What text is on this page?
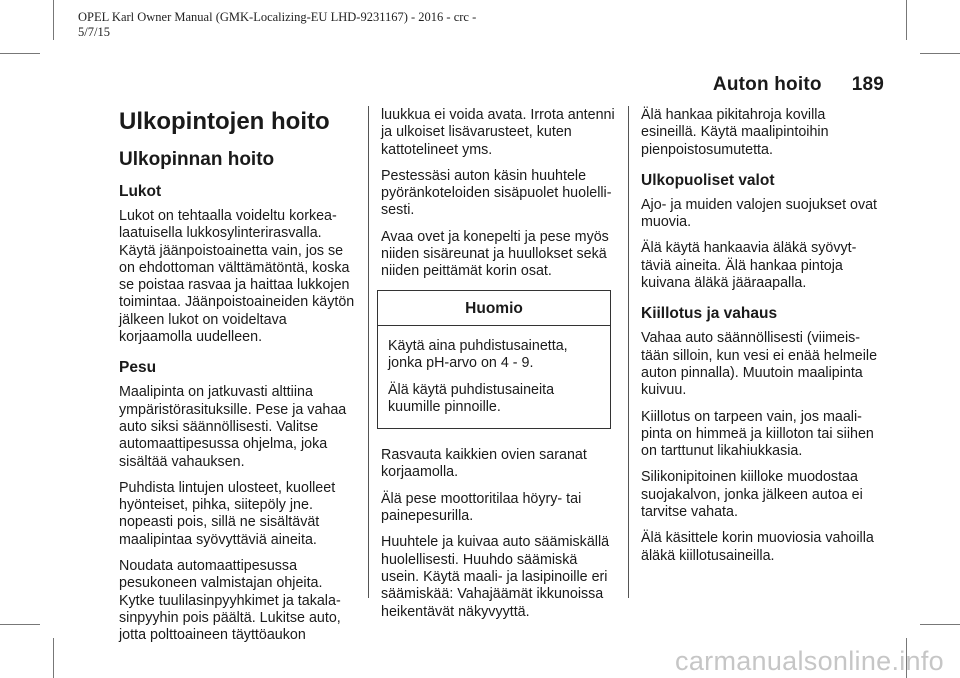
OPEL Karl Owner Manual (GMK-Localizing-EU LHD-9231167) - 2016 - crc -
5/7/15
Auton hoito 189
Ulkopintojen hoito
Ulkopinnan hoito
Lukot

Lukot on tehtaalla voideltu korkea-laatuisella lukkosylinterirasvalla. Käytä jäänpoistoainetta vain, jos se on ehdottoman välttämätöntä, koska se poistaa rasvaa ja haittaa lukkojen toimintaa. Jäänpoistoaineiden käytön jälkeen lukot on voideltava korjaamolla uudelleen.

Pesu

Maalipinta on jatkuvasti alttiina ympäristörasituksille. Pese ja vahaa auto siksi säännöllisesti. Valitse automaattipesussa ohjelma, joka sisältää vahauksen.

Puhdista lintujen ulosteet, kuolleet hyönteiset, pihka, siitepöly jne. nopeasti pois, sillä ne sisältävät maalipintaa syövyttäviä aineita.

Noudata automaattipesussa pesukoneen valmistajan ohjeita. Kytke tuulilasinpyyhkimet ja takala-sinpyyhin pois päältä. Lukitse auto, jotta polttoaineen täyttöaukon

luukkua ei voida avata. Irrota antenni ja ulkoiset lisävarusteet, kuten kattotelineet yms.

Pestessäsi auton käsin huuhtele pyöränkoteloiden sisäpuolet huolelli-sesti.

Avaa ovet ja konepelti ja pese myös niiden sisäreunat ja huullokset sekä niiden peittämät korin osat.

Huomio

Käytä aina puhdistusainetta, jonka pH-arvo on 4 - 9.

Älä käytä puhdistusaineita kuumille pinnoille.

Rasvauta kaikkien ovien saranat korjaamolla.

Älä pese moottoritilaa höyry- tai painepesurilla.

Huuhtele ja kuivaa auto säämiskällä huolellisesti. Huuhdo säämiskä usein. Käytä maali- ja lasipinoille eri säämiskää: Vahajäämät ikkunoissa heikentävät näkyvyyttä.

Älä hankaa pikitahroja kovilla esineillä. Käytä maalipintoihin pienpoistosumutetta.

Ulkopuoliset valot

Ajo- ja muiden valojen suojukset ovat muovia.

Älä käytä hankaavia äläkä syövyt-täviä aineita. Älä hankaa pintoja kuivana äläkä jääraapalla.

Kiillotus ja vahaus

Vahaa auto säännöllisesti (viimeis-tään silloin, kun vesi ei enää helmeile auton pinnalla). Muutoin maalipinta kuivuu.

Kiillotus on tarpeen vain, jos maali-pinta on himmeä ja kiilloton tai siihen on tarttunut likahiukkasia.

Silikonipitoinen kiilloke muodostaa suojakalvon, jonka jälkeen autoa ei tarvitse vahata.

Älä käsittele korin muoviosia vahoilla äläkä kiillotusaineilla.

carmanualsonline.info
